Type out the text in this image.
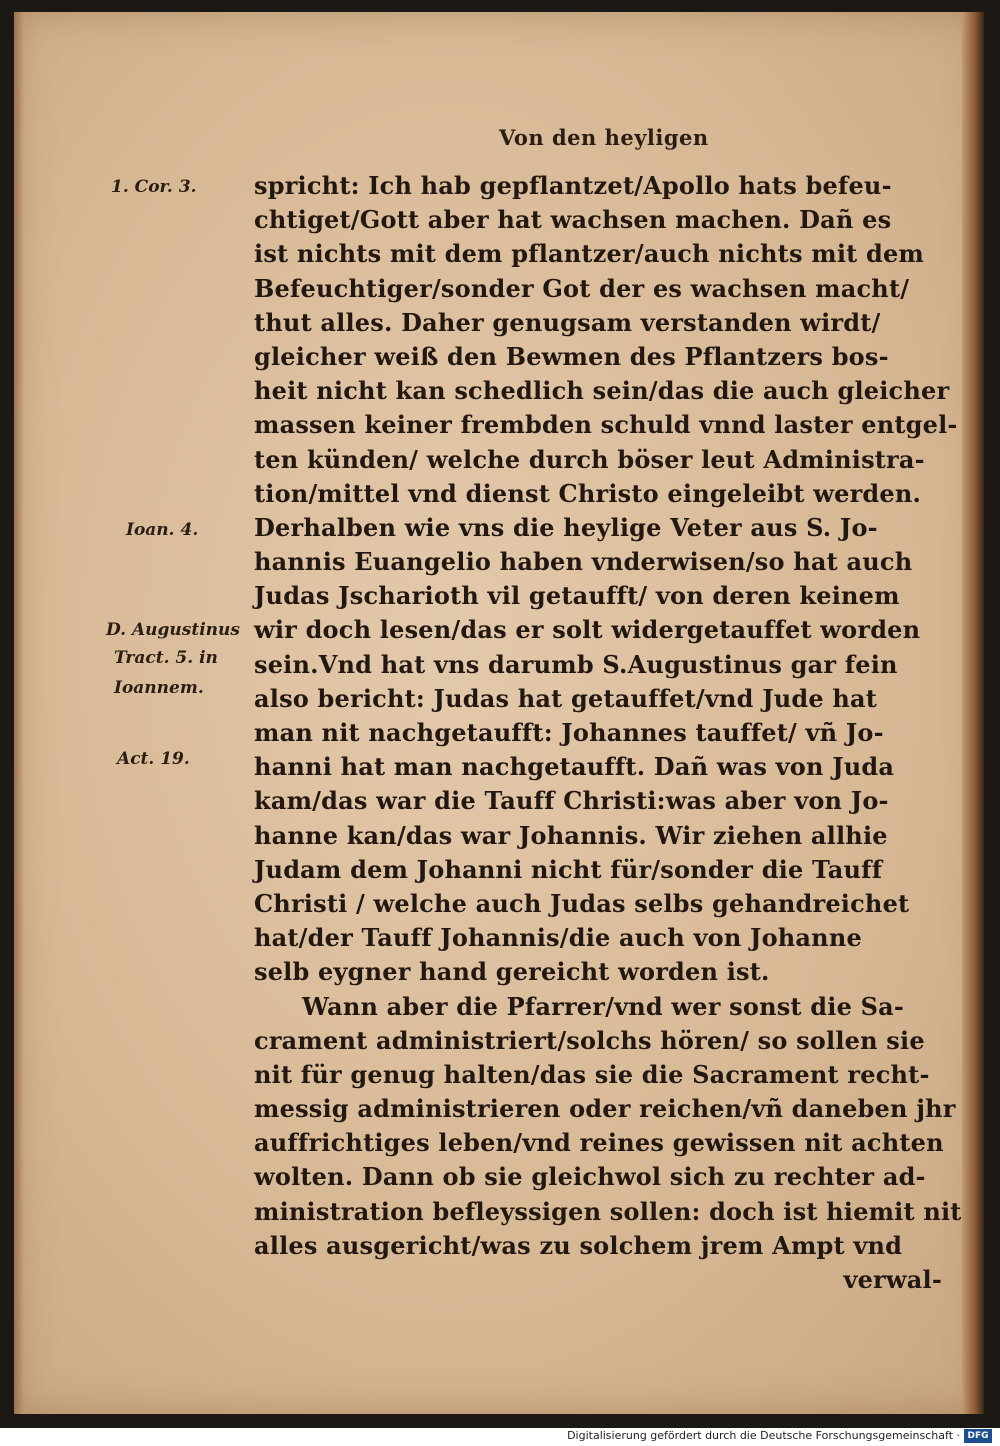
Von den heyligen
1. Cor. 3.
Ioan. 4.
D. Augustinus
Tract. 5. in
Ioannem.
Act. 19.
spricht: Ich hab gepflantzet/Apollo hats befeu-
chtiget/Gott aber hat wachsen machen. Dañ es
ist nichts mit dem pflantzer/auch nichts mit dem
Befeuchtiger/sonder Got der es wachsen macht/
thut alles. Daher genugsam verstanden wirdt/
gleicher weiß den Bewmen des Pflantzers bos-
heit nicht kan schedlich sein/das die auch gleicher
massen keiner frembden schuld vnnd laster entgel-
ten künden/ welche durch böser leut Administra-
tion/mittel vnd dienst Christo eingeleibt werden.
Derhalben wie vns die heylige Veter aus S. Jo-
hannis Euangelio haben vnderwisen/so hat auch
Judas Jscharioth vil getaufft/ von deren keinem
wir doch lesen/das er solt widergetauffet worden
sein.Vnd hat vns darumb S.Augustinus gar fein
also bericht: Judas hat getauffet/vnd Jude hat
man nit nachgetaufft: Johannes tauffet/ vñ Jo-
hanni hat man nachgetaufft. Dañ was von Juda
kam/das war die Tauff Christi:was aber von Jo-
hanne kan/das war Johannis. Wir ziehen allhie
Judam dem Johanni nicht für/sonder die Tauff
Christi / welche auch Judas selbs gehandreichet
hat/der Tauff Johannis/die auch von Johanne
selb eygner hand gereicht worden ist.
Wann aber die Pfarrer/vnd wer sonst die Sa-
crament administriert/solchs hören/ so sollen sie
nit für genug halten/das sie die Sacrament recht-
messig administrieren oder reichen/vñ daneben jhr
auffrichtiges leben/vnd reines gewissen nit achten
wolten. Dann ob sie gleichwol sich zu rechter ad-
ministration befleyssigen sollen: doch ist hiemit nit
alles ausgericht/was zu solchem jrem Ampt vnd
verwal-
Digitalisierung gefördert durch die Deutsche Forschungsgemeinschaft · DFG
